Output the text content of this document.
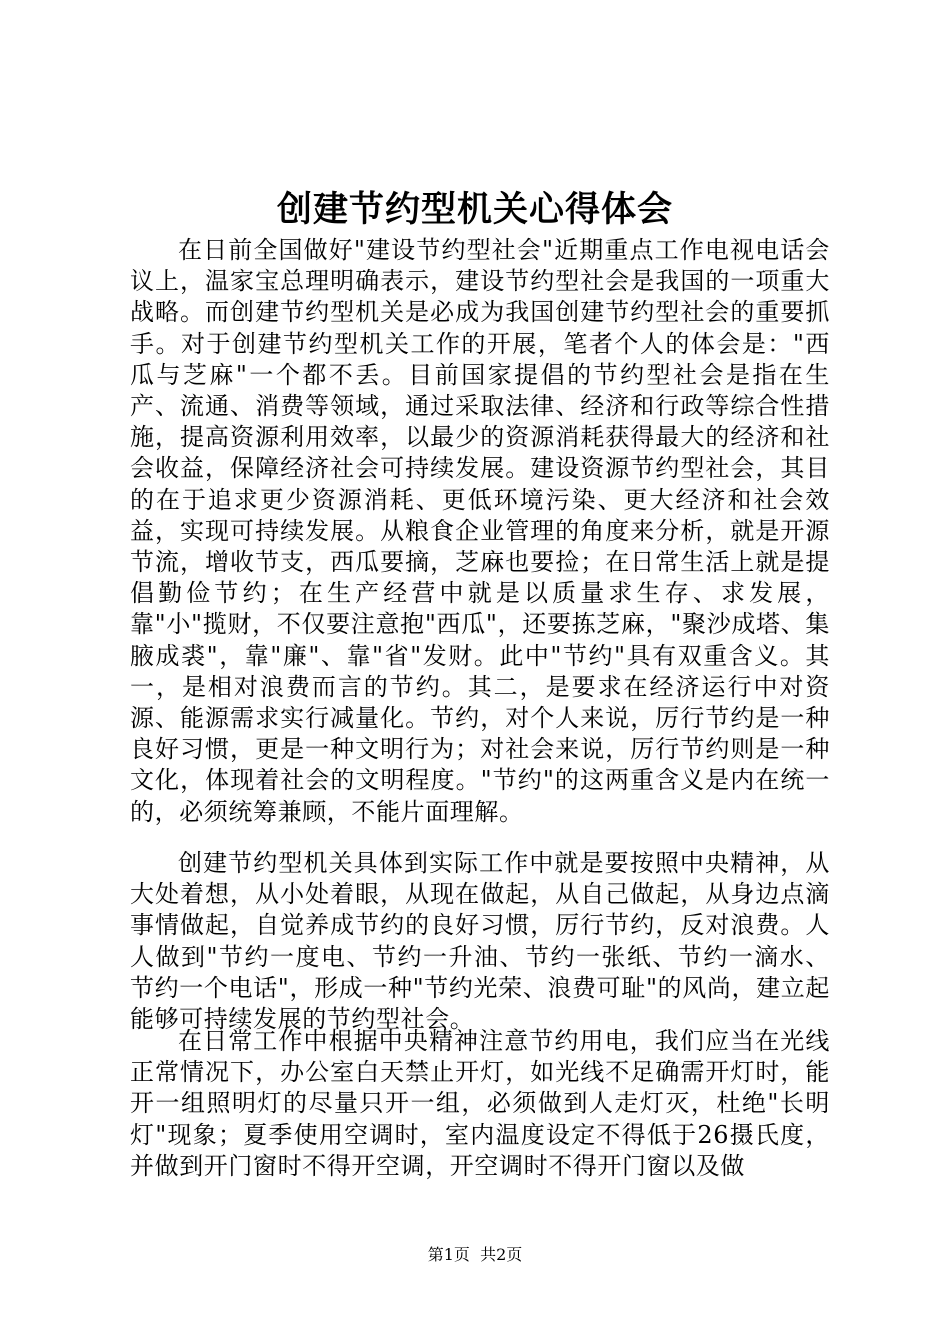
创建节约型机关心得体会

在日前全国做好"建设节约型社会"近期重点工作电视电话会议上，温家宝总理明确表示，建设节约型社会是我国的一项重大战略。而创建节约型机关是必成为我国创建节约型社会的重要抓手。对于创建节约型机关工作的开展，笔者个人的体会是："西瓜与芝麻"一个都不丢。目前国家提倡的节约型社会是指在生产、流通、消费等领域，通过采取法律、经济和行政等综合性措施，提高资源利用效率，以最少的资源消耗获得最大的经济和社会收益，保障经济社会可持续发展。建设资源节约型社会，其目的在于追求更少资源消耗、更低环境污染、更大经济和社会效益，实现可持续发展。从粮食企业管理的角度来分析，就是开源节流，增收节支，西瓜要摘，芝麻也要捡；在日常生活上就是提倡勤俭节约；在生产经营中就是以质量求生存、求发展，靠"小"揽财，不仅要注意抱"西瓜"，还要拣芝麻，"聚沙成塔、集腋成裘"，靠"廉"、靠"省"发财。此中"节约"具有双重含义。其一，是相对浪费而言的节约。其二，是要求在经济运行中对资源、能源需求实行减量化。节约，对个人来说，厉行节约是一种良好习惯，更是一种文明行为；对社会来说，厉行节约则是一种文化，体现着社会的文明程度。"节约"的这两重含义是内在统一的，必须统筹兼顾，不能片面理解。

创建节约型机关具体到实际工作中就是要按照中央精神，从大处着想，从小处着眼，从现在做起，从自己做起，从身边点滴事情做起，自觉养成节约的良好习惯，厉行节约，反对浪费。人人做到"节约一度电、节约一升油、节约一张纸、节约一滴水、节约一个电话"，形成一种"节约光荣、浪费可耻"的风尚，建立起能够可持续发展的节约型社会。

在日常工作中根据中央精神注意节约用电，我们应当在光线正常情况下，办公室白天禁止开灯，如光线不足确需开灯时，能开一组照明灯的尽量只开一组，必须做到人走灯灭，杜绝"长明灯"现象；夏季使用空调时，室内温度设定不得低于26摄氏度，并做到开门窗时不得开空调，开空调时不得开门窗以及做

第1页 共2页
